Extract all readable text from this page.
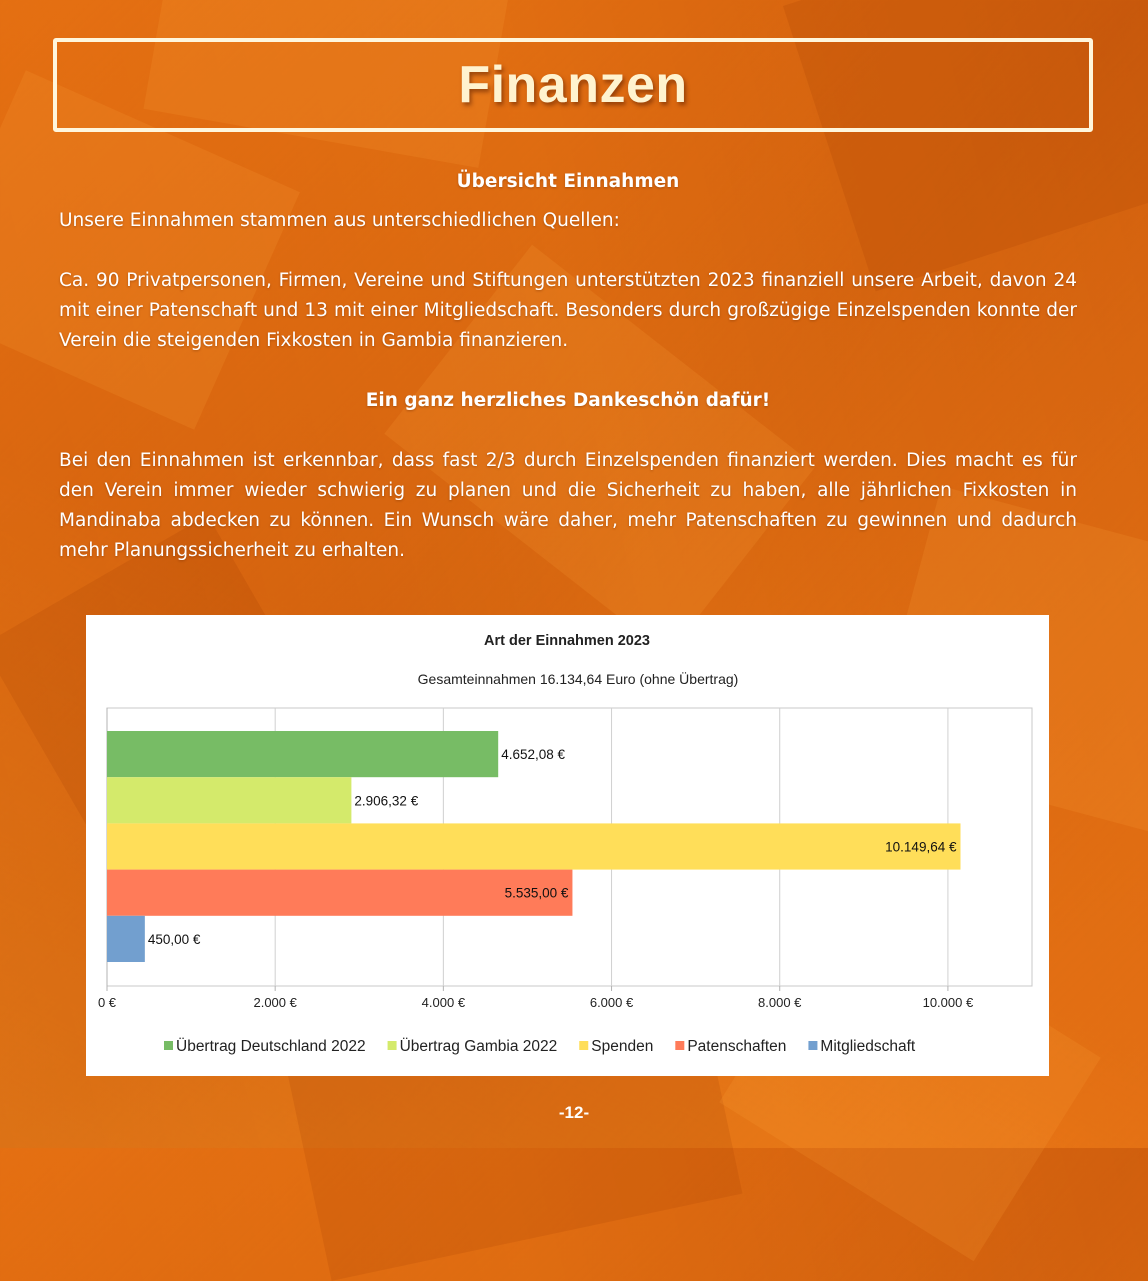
Finanzen
Übersicht Einnahmen
Unsere Einnahmen stammen aus unterschiedlichen Quellen:
Ca. 90 Privatpersonen, Firmen, Vereine und Stiftungen unterstützten 2023 finanziell unsere Arbeit, davon 24 mit einer Patenschaft und 13 mit einer Mitgliedschaft. Besonders durch großzügige Einzelspenden konnte der Verein die steigenden Fixkosten in Gambia finanzieren.
Ein ganz herzliches Dankeschön dafür!
Bei den Einnahmen ist erkennbar, dass fast 2/3 durch Einzelspenden finanziert werden. Dies macht es für den Verein immer wieder schwierig zu planen und die Sicherheit zu haben, alle jährlichen Fixkosten in Mandinaba abdecken zu können. Ein Wunsch wäre daher, mehr Patenschaften zu gewinnen und dadurch mehr Planungssicherheit zu erhalten.
Art der Einnahmen 2023
Gesamteinnahmen 16.134,64 Euro (ohne Übertrag)
4.652,08 €
2.906,32 €
10.149,64 €
5.535,00 €
450,00 €
0 €	2.000 €	4.000 €	6.000 €	8.000 €	10.000 €
Übertrag Deutschland 2022 Übertrag Gambia 2022 Spenden Patenschaften Mitgliedschaft
-12-
